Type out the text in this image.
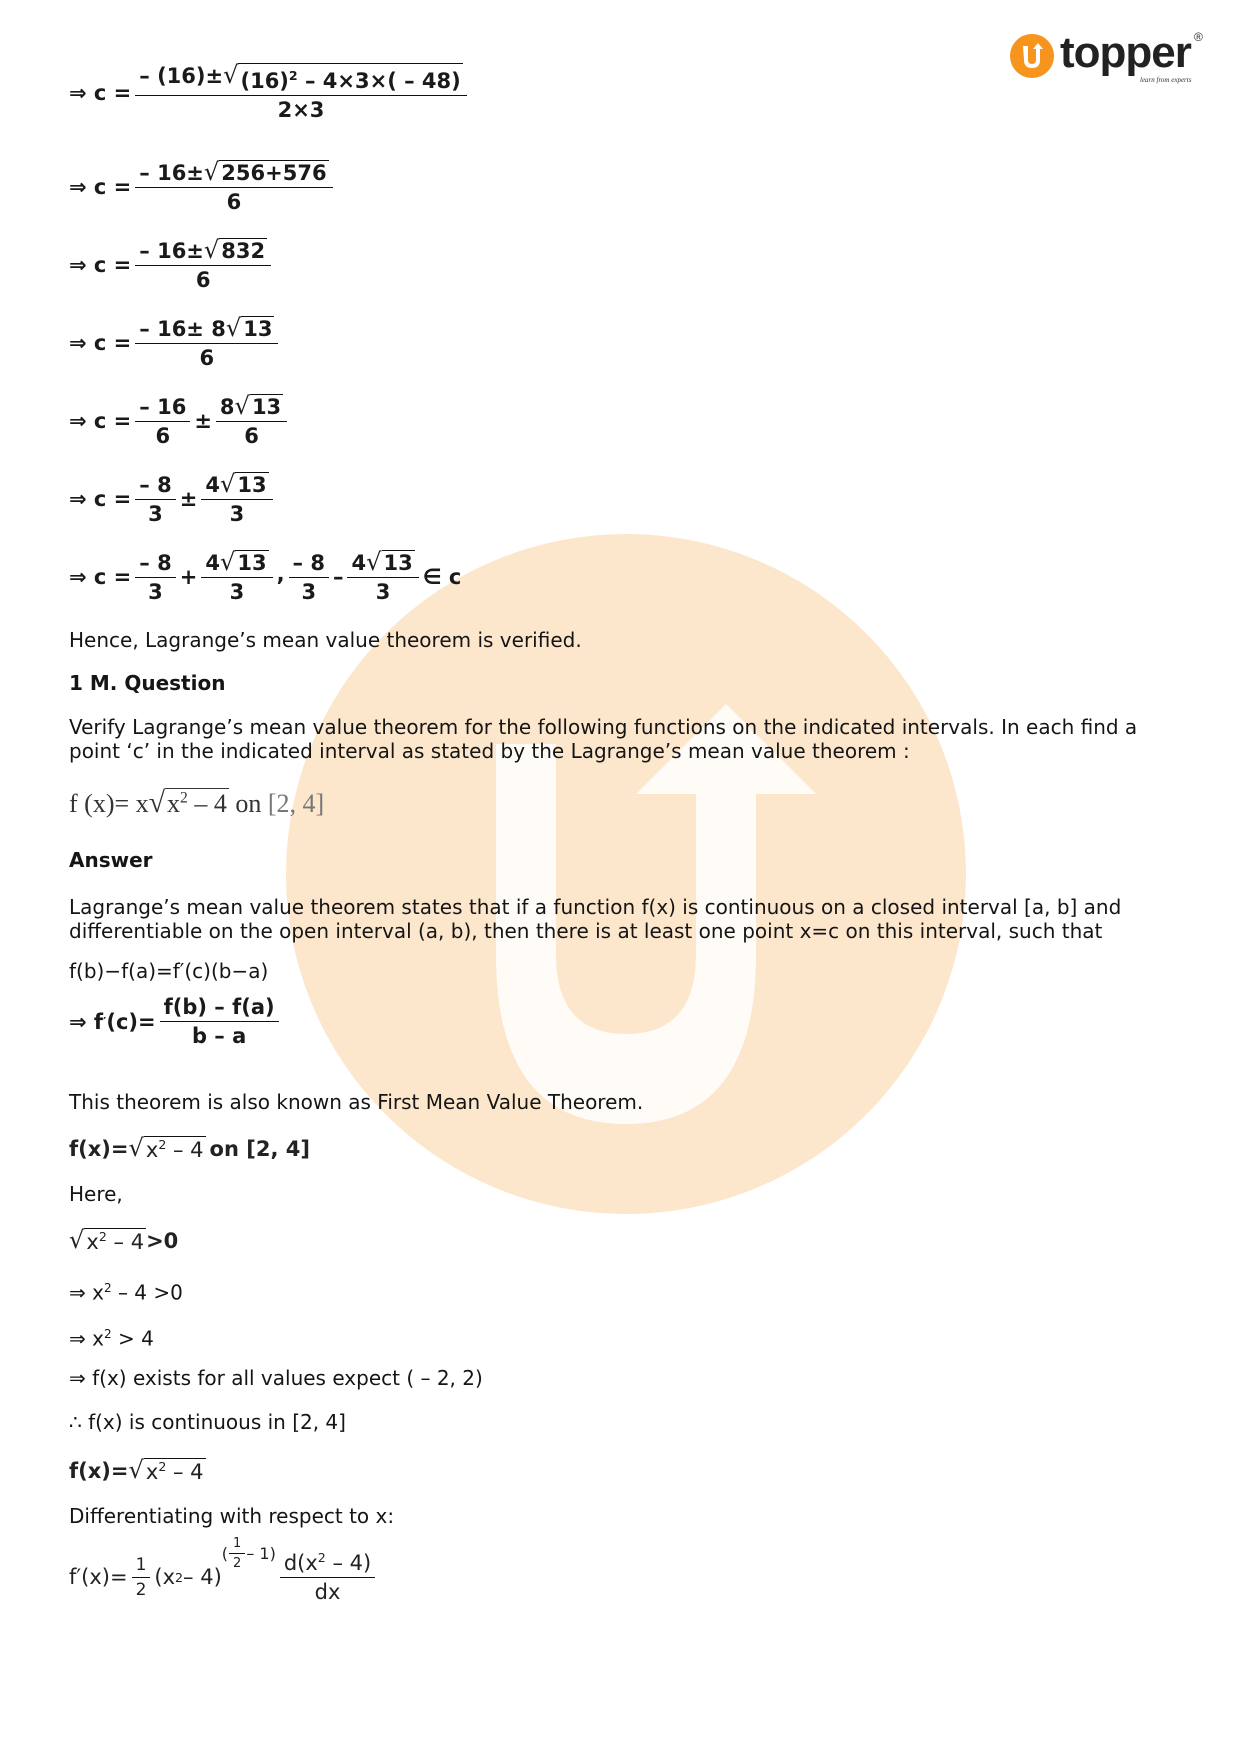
topper ®
learn from experts
⇒ $c = \frac{- (16)\pm √ (16)^2 - 4\times 3\times( - 48)}{2\times 3}$
⇒ $c = \frac{- 16\pm √ 256+576}{6}$
⇒ $c = \frac{- 16\pm √ 832}{6}$
⇒ $c = \frac{- 16\pm 8 √ 13}{6}$
⇒ $c = \frac{- 16}{6} \pm \frac{8 √ 13}{6}$
⇒ $c = \frac{- 8}{3} \pm \frac{4 √ 13}{3}$
⇒ $c = \frac{- 8}{3} + \frac{4 √ 13}{3}$ , $\frac{- 8}{3} - \frac{4 √ 13}{3}$ ∈ c
Hence, Lagrange’s mean value theorem is verified.
1 M. Question
Verify Lagrange’s mean value theorem for the following functions on the indicated intervals. In each find a point ‘c’ in the indicated interval as stated by the Lagrange’s mean value theorem :
f (x)= x √ $x^2 - 4$ on [2, 4]
Answer
Lagrange’s mean value theorem states that if a function f(x) is continuous on a closed interval [a, b] and differentiable on the open interval (a, b), then there is at least one point x=c on this interval, such that
f(b)−f(a)=f′(c)(b−a)
⇒ f ′ $(c)= \frac{f(b) - f(a)}{b - a}$
This theorem is also known as First Mean Value Theorem.
f(x)= √ $x^2 - 4$ on [2, 4]
Here,
√ $x^2 - 4 >0$
⇒ $x^2 - 4 >0$
⇒ $x^2 > 4$
⇒ f(x) exists for all values expect ( – 2, 2)
∴ f(x) is continuous in [2, 4]
f(x)= √ $x^2 - 4$
Differentiating with respect to x:
$f'(x)= \frac{1}{2} (x$ 2 – 4)
( $\frac{1}{2} - 1$ ) $\frac{d(x^2 - 4)}{dx}$
